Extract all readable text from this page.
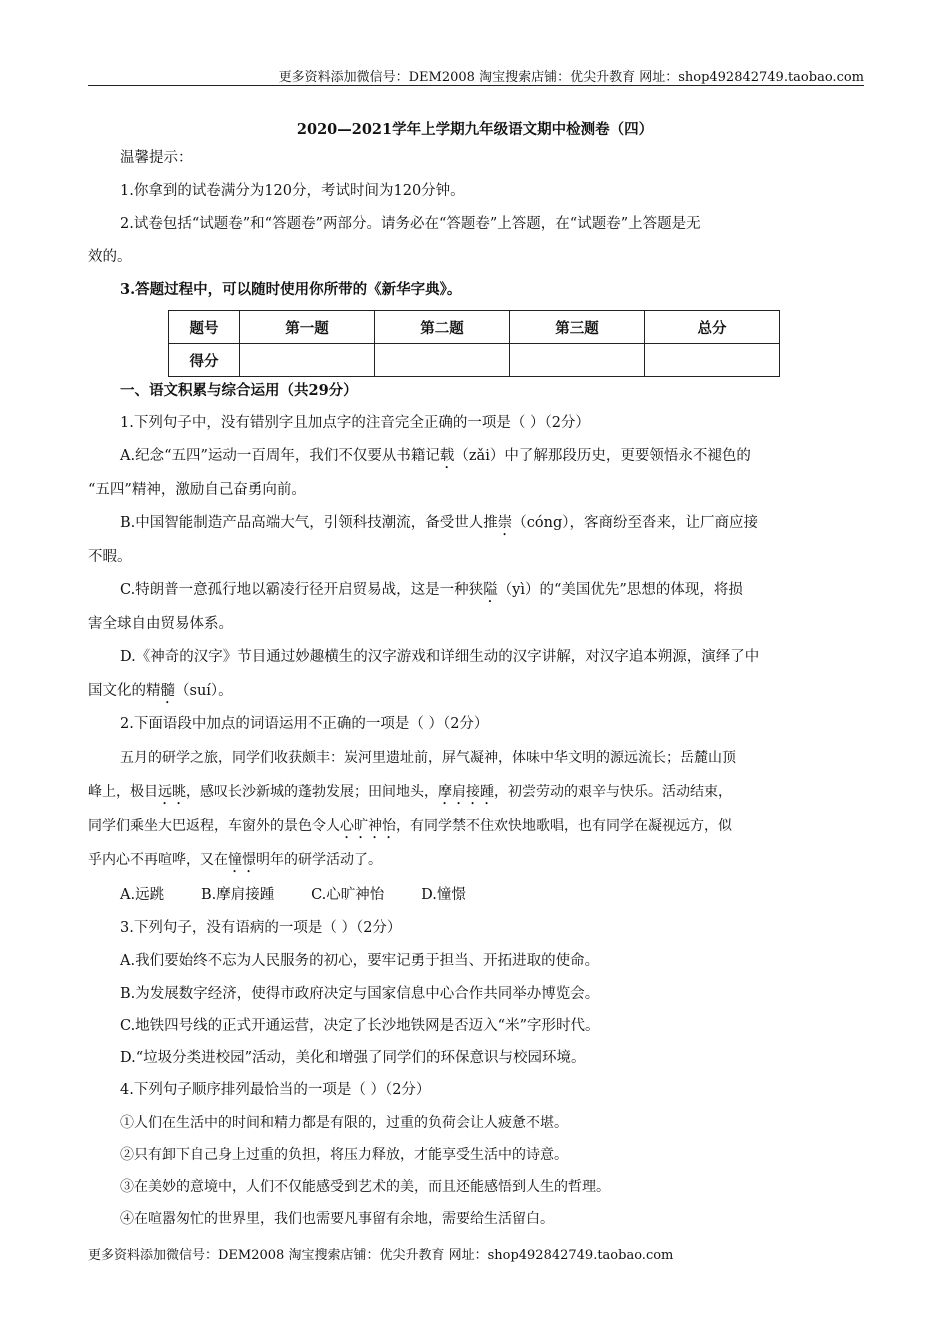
更多资料添加微信号：DEM2008 淘宝搜索店铺：优尖升教育 网址：shop492842749.taobao.com
2020—2021学年上学期九年级语文期中检测卷（四）
温馨提示：
1.你拿到的试卷满分为120分，考试时间为120分钟。
2.试卷包括“试题卷”和“答题卷”两部分。请务必在“答题卷”上答题，在“试题卷”上答题是无
效的。
3.答题过程中，可以随时使用你所带的《新华字典》。
题号	第一题	第二题	第三题	总分
得分				
一、语文积累与综合运用（共29分）
1.下列句子中，没有错别字且加点字的注音完全正确的一项是（ ）（2分）
A.纪念“五四”运动一百周年，我们不仅要从书籍记载（zǎi）中了解那段历史，更要领悟永不褪色的
“五四”精神，激励自己奋勇向前。
B.中国智能制造产品高端大气，引领科技潮流，备受世人推崇（cóng），客商纷至沓来，让厂商应接
不暇。
C.特朗普一意孤行地以霸凌行径开启贸易战，这是一种狭隘（yì）的“美国优先”思想的体现，将损
害全球自由贸易体系。
D.《神奇的汉字》节目通过妙趣横生的汉字游戏和详细生动的汉字讲解，对汉字追本朔源，演绎了中
国文化的精髓（suí）。
2.下面语段中加点的词语运用不正确的一项是（ ）（2分）
五月的研学之旅，同学们收获颇丰：炭河里遗址前，屏气凝神，体味中华文明的源远流长；岳麓山顶
峰上，极目远眺，感叹长沙新城的蓬勃发展；田间地头，摩肩接踵，初尝劳动的艰辛与快乐。活动结束，
同学们乘坐大巴返程，车窗外的景色令人心旷神怡，有同学禁不住欢快地歌唱，也有同学在凝视远方，似
乎内心不再喧哗，又在憧憬明年的研学活动了。
A.远跳        B.摩肩接踵        C.心旷神怡        D.憧憬
3.下列句子，没有语病的一项是（ ）（2分）
A.我们要始终不忘为人民服务的初心，要牢记勇于担当、开拓进取的使命。
B.为发展数字经济，使得市政府决定与国家信息中心合作共同举办博览会。
C.地铁四号线的正式开通运营，决定了长沙地铁网是否迈入“米”字形时代。
D.“垃圾分类进校园”活动，美化和增强了同学们的环保意识与校园环境。
4.下列句子顺序排列最恰当的一项是（ ）（2分）
①人们在生活中的时间和精力都是有限的，过重的负荷会让人疲惫不堪。
②只有卸下自己身上过重的负担，将压力释放，才能享受生活中的诗意。
③在美妙的意境中，人们不仅能感受到艺术的美，而且还能感悟到人生的哲理。
④在喧嚣匆忙的世界里，我们也需要凡事留有余地，需要给生活留白。
更多资料添加微信号：DEM2008 淘宝搜索店铺：优尖升教育 网址：shop492842749.taobao.com
